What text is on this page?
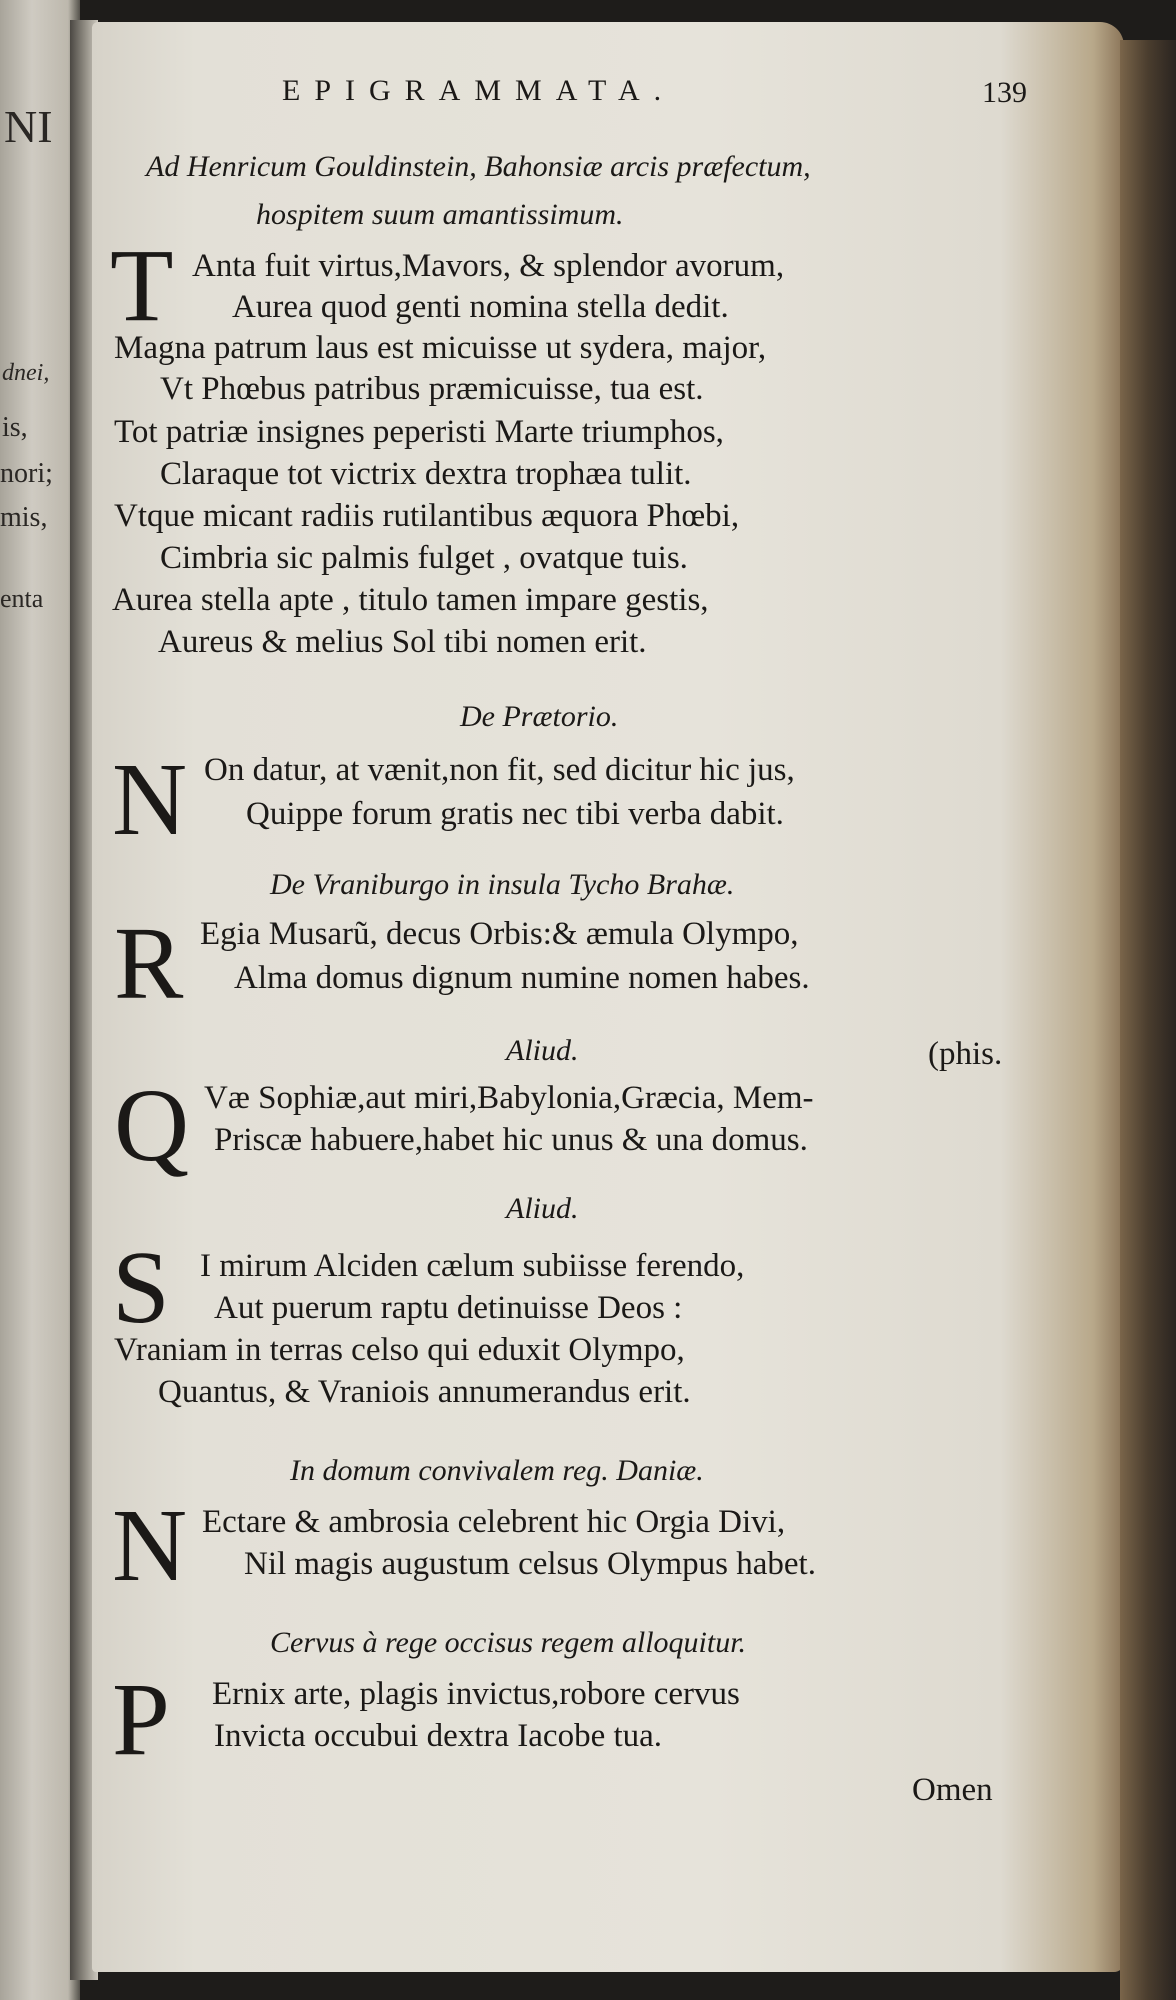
NI
dnei,
is,
nori;
mis,
enta
EPIGRAMMATA.	139
Ad Henricum Gouldinstein, Bahonsiæ arcis præfectum,
hospitem suum amantissimum.
T Anta fuit virtus,Mavors, & splendor avorum,
Aurea quod genti nomina stella dedit.
Magna patrum laus est micuisse ut sydera, major,
Vt Phœbus patribus præmicuisse, tua est.
Tot patriæ insignes peperisti Marte triumphos,
Claraque tot victrix dextra trophæa tulit.
Vtque micant radiis rutilantibus æquora Phœbi,
Cimbria sic palmis fulget , ovatque tuis.
Aurea stella apte , titulo tamen impare gestis,
Aureus & melius Sol tibi nomen erit.
De Prætorio.
N On datur, at vænit,non fit, sed dicitur hic jus,
Quippe forum gratis nec tibi verba dabit.
De Vraniburgo in insula Tycho Brahæ.
R Egia Musarũ, decus Orbis:& æmula Olympo,
Alma domus dignum numine nomen habes.
Aliud.	(phis.
Q Væ Sophiæ,aut miri,Babylonia,Græcia, Mem-
Priscæ habuere,habet hic unus & una domus.
Aliud.
S I mirum Alciden cælum subiisse ferendo,
Aut puerum raptu detinuisse Deos :
Vraniam in terras celso qui eduxit Olympo,
Quantus, & Vraniois annumerandus erit.
In domum convivalem reg. Daniæ.
N Ectare & ambrosia celebrent hic Orgia Divi,
Nil magis augustum celsus Olympus habet.
Cervus à rege occisus regem alloquitur.
P Ernix arte, plagis invictus,robore cervus
Invicta occubui dextra Iacobe tua.
Omen
